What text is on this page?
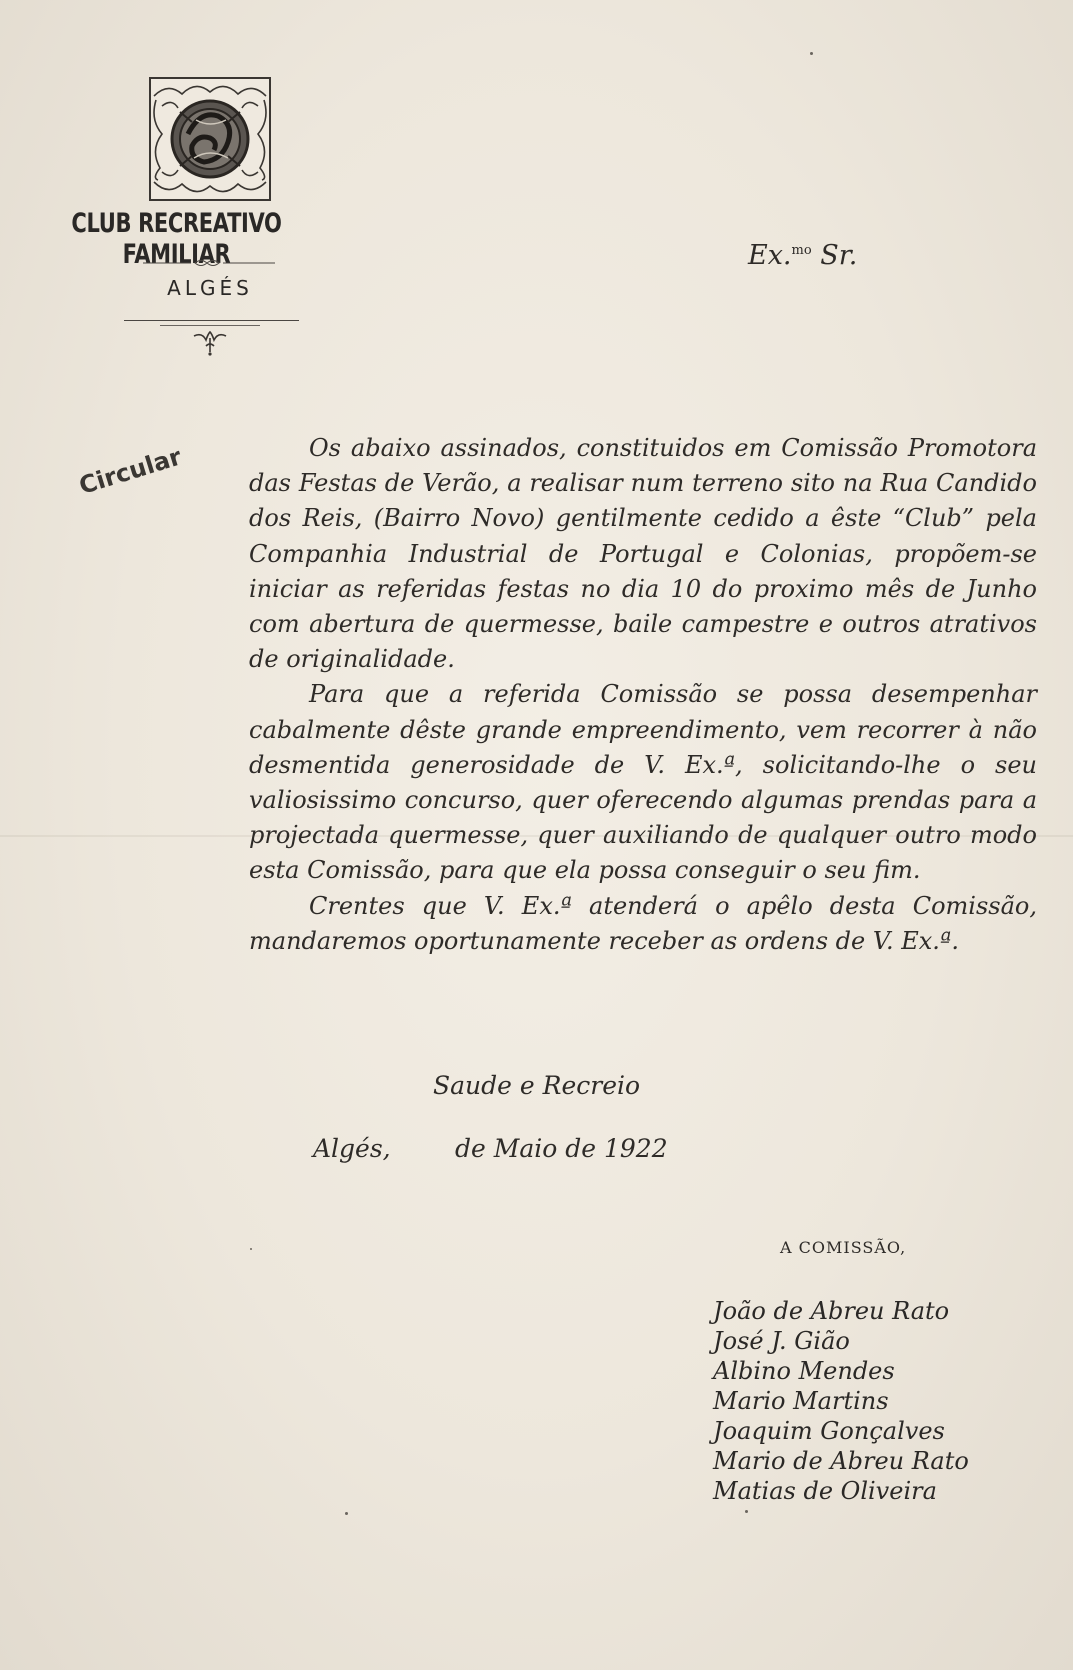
CLUB RECREATIVO FAMILIAR
ALGÉS
Ex.$^{mo}$ Sr.
Circular	Os abaixo assinados, constituidos em Comissão Promotora das Festas de Verão, a realisar num terreno sito na Rua Candido dos Reis, (Bairro Novo) gentilmente cedido a êste “Club” pela Companhia Industrial de Portugal e Colonias, propõem-se iniciar as referidas festas no dia 10 do proximo mês de Junho com abertura de quermesse, baile campestre e outros atrativos de originalidade.

Para que a referida Comissão se possa desempenhar cabalmente dêste grande empreendimento, vem recorrer à não desmentida generosidade de V. Ex.ª, solicitando-lhe o seu valiosissimo concurso, quer oferecendo algumas prendas para a projectada quermesse, quer auxiliando de qualquer outro modo esta Comissão, para que ela possa conseguir o seu fim.

Crentes que V. Ex.ª atenderá o apêlo desta Comissão, mandaremos oportunamente receber as ordens de V. Ex.ª.

Saude e Recreio
Algés,	de Maio de 1922
A COMISSÃO,
João de Abreu Rato
José J. Gião
Albino Mendes
Mario Martins
Joaquim Gonçalves
Mario de Abreu Rato
Matias de Oliveira
